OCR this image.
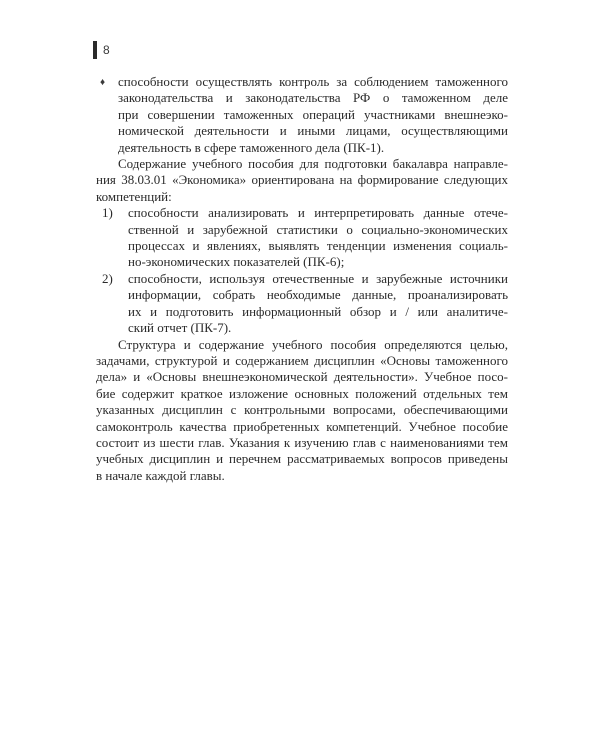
8
♦ способности осуществлять контроль за соблюдением таможенного
законодательства и законодательства РФ о таможенном деле
при совершении таможенных операций участниками внешнеэко-
номической деятельности и иными лицами, осуществляющими
деятельность в сфере таможенного дела (ПК-1).
Содержание учебного пособия для подготовки бакалавра направле-
ния 38.03.01 «Экономика» ориентирована на формирование следующих
компетенций:
1) способности анализировать и интерпретировать данные отече-
ственной и зарубежной статистики о социально-экономических
процессах и явлениях, выявлять тенденции изменения социаль-
но-экономических показателей (ПК-6);
2) способности, используя отечественные и зарубежные источники
информации, собрать необходимые данные, проанализировать
их и подготовить информационный обзор и / или аналитиче-
ский отчет (ПК-7).
Структура и содержание учебного пособия определяются целью,
задачами, структурой и содержанием дисциплин «Основы таможенного
дела» и «Основы внешнеэкономической деятельности». Учебное посо-
бие содержит краткое изложение основных положений отдельных тем
указанных дисциплин с контрольными вопросами, обеспечивающими
самоконтроль качества приобретенных компетенций. Учебное пособие
состоит из шести глав. Указания к изучению глав с наименованиями тем
учебных дисциплин и перечнем рассматриваемых вопросов приведены
в начале каждой главы.
